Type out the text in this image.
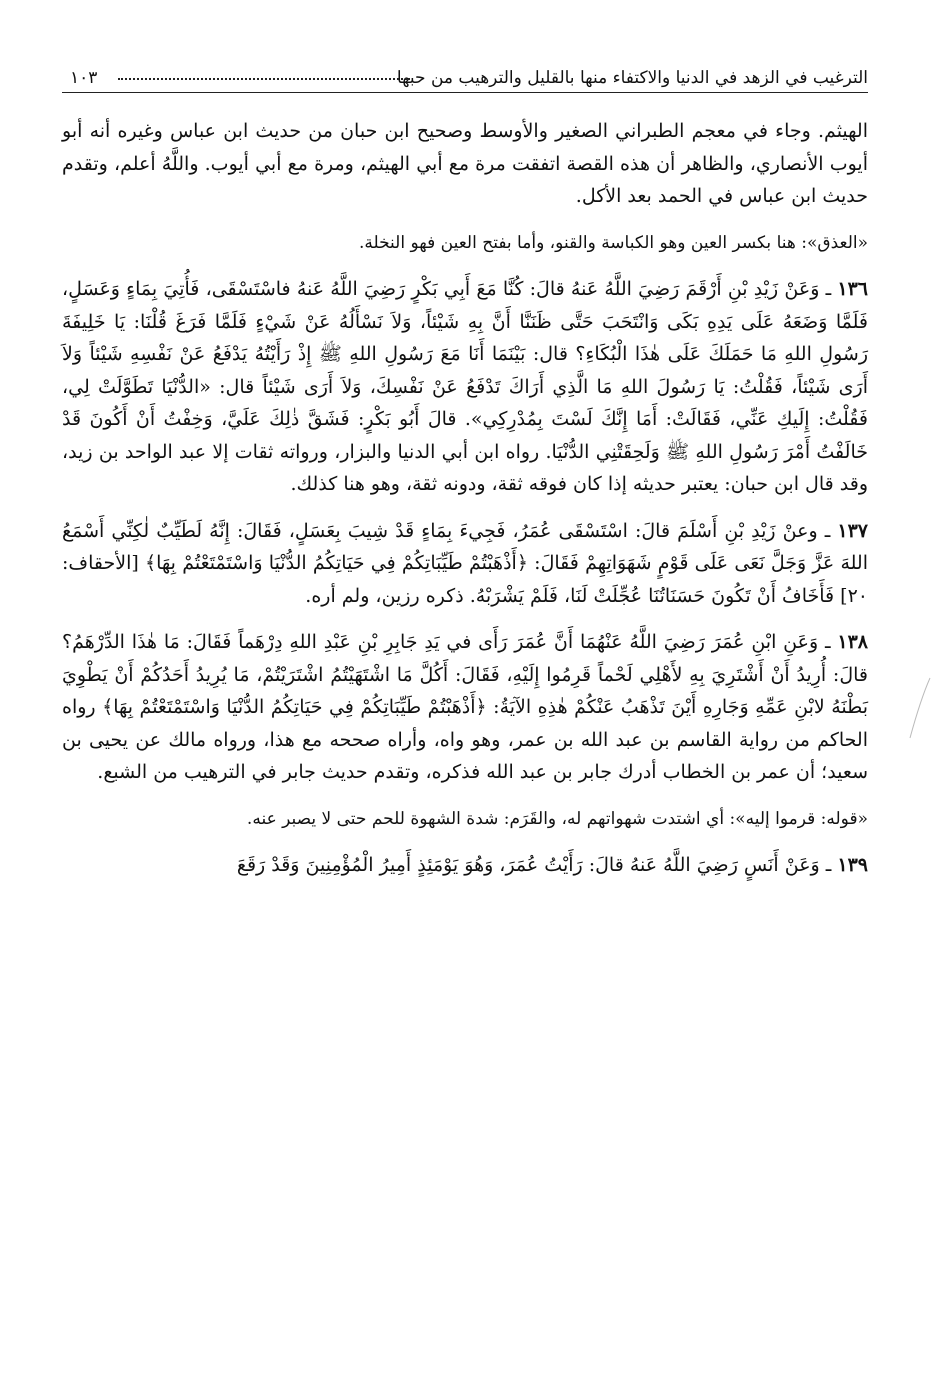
الترغيب في الزهد في الدنيا والاكتفاء منها بالقليل والترهيب من حبها
١٠٣

الهيثم. وجاء في معجم الطبراني الصغير والأوسط وصحيح ابن حبان من حديث ابن عباس وغيره أنه أبو أيوب الأنصاري، والظاهر أن هذه القصة اتفقت مرة مع أبي الهيثم، ومرة مع أبي أيوب. واللَّهُ أعلم، وتقدم حديث ابن عباس في الحمد بعد الأكل.

«العذق»: هنا بكسر العين وهو الكباسة والقنو، وأما بفتح العين فهو النخلة.

١٣٦ ـ وَعَنْ زَيْدِ بْنِ أَرْقَمَ رَضِيَ اللَّهُ عَنهُ قالَ: كُنَّا مَعَ أَبِي بَكْرٍ رَضِيَ اللَّهُ عَنهُ فاسْتَسْقَى، فَأُتِيَ بِمَاءٍ وَعَسَلٍ، فَلَمَّا وَضَعَهُ عَلَى يَدِهِ بَكَى وَانْتَحَبَ حَتَّى ظَنَنَّا أَنَّ بِهِ شَيْئاً، وَلاَ نَسْأَلُهُ عَنْ شَيْءٍ فَلَمَّا فَرَغَ قُلْنَا: يَا خَلِيفَةَ رَسُولِ اللهِ مَا حَمَلَكَ عَلَى هٰذَا الْبُكَاءِ؟ قال: بَيْنَمَا أَنَا مَعَ رَسُولِ اللهِ ﷺ إِذْ رَأَيْتُهُ يَدْفَعُ عَنْ نَفْسِهِ شَيْئاً وَلاَ أَرَى شَيْئاً، فَقُلْتُ: يَا رَسُولَ اللهِ مَا الَّذِي أَرَاكَ تَدْفَعُ عَنْ نَفْسِكَ، وَلاَ أَرَى شَيْئاً قال: «الدُّنْيَا تَطَوَّلَتْ لِي، فَقُلْتُ: إِلَيكِ عَنِّي، فَقَالَتْ: أَمَا إِنَّكَ لَسْتَ بِمُدْرِكِي». قالَ أَبُو بَكْرٍ: فَشَقَّ ذٰلِكَ عَلَيَّ، وَخِفْتُ أَنْ أَكُونَ قَدْ خَالَفْتُ أَمْرَ رَسُولِ اللهِ ﷺ وَلَحِقَتْنِي الدُّنْيَا. رواه ابن أبي الدنيا والبزار، ورواته ثقات إلا عبد الواحد بن زيد، وقد قال ابن حبان: يعتبر حديثه إذا كان فوقه ثقة، ودونه ثقة، وهو هنا كذلك.

١٣٧ ـ وعنْ زَيْدِ بْنِ أَسْلَمَ قالَ: اسْتَسْقَى عُمَرُ، فَجِيءَ بِمَاءٍ قَدْ شِيبَ بِعَسَلٍ، فَقَالَ: إِنَّهُ لَطَيِّبٌ لٰكِنِّي أَسْمَعُ اللهَ عَزَّ وَجَلَّ نَعَى عَلَى قَوْمٍ شَهَوَاتِهِمْ فَقَالَ: ﴿أَذْهَبْتُمْ طَيِّبَاتِكُمْ فِي حَيَاتِكُمُ الدُّنْيَا وَاسْتَمْتَعْتُمْ بِهَا﴾ [الأحقاف: ٢٠] فَأَخَافُ أَنْ تَكُونَ حَسَنَاتُنَا عُجِّلَتْ لَنَا، فَلَمْ يَشْرَبْهُ. ذكره رزين، ولم أره.

١٣٨ ـ وَعَنِ ابْنِ عُمَرَ رَضِيَ اللَّهُ عَنْهُمَا أَنَّ عُمَرَ رَأَى في يَدِ جَابِرِ بْنِ عَبْدِ اللهِ دِرْهَماً فَقَالَ: مَا هٰذَا الدِّرْهَمُ؟ قالَ: أُرِيدُ أَنْ أَشْتَرِيَ بِهِ لأَهْلِي لَحْماً قَرِمُوا إِلَيْهِ، فَقَالَ: أَكُلَّ مَا اشْتَهَيْتُمُ اشْتَرَيْتُمْ، مَا يُرِيدُ أَحَدُكُمْ أَنْ يَطْوِيَ بَطْنَهُ لابْنِ عَمِّهِ وَجَارِهِ أَيْنَ تَذْهَبُ عَنْكُمْ هٰذِهِ الآيَةُ: ﴿أَذْهَبْتُمْ طَيِّبَاتِكُمْ فِي حَيَاتِكُمُ الدُّنْيَا وَاسْتَمْتَعْتُمْ بِهَا﴾ رواه الحاكم من رواية القاسم بن عبد الله بن عمر، وهو واه، وأراه صححه مع هذا، ورواه مالك عن يحيى بن سعيد؛ أن عمر بن الخطاب أدرك جابر بن عبد الله فذكره، وتقدم حديث جابر في الترهيب من الشبع.

«قوله: قرموا إليه»: أي اشتدت شهواتهم له، والقَرَم: شدة الشهوة للحم حتى لا يصبر عنه.

١٣٩ ـ وَعَنْ أَنَسٍ رَضِيَ اللَّهُ عَنهُ قالَ: رَأَيْتُ عُمَرَ، وَهُوَ يَوْمَئِذٍ أَمِيرُ الْمُؤْمِنِينَ وَقَدْ رَقَعَ
